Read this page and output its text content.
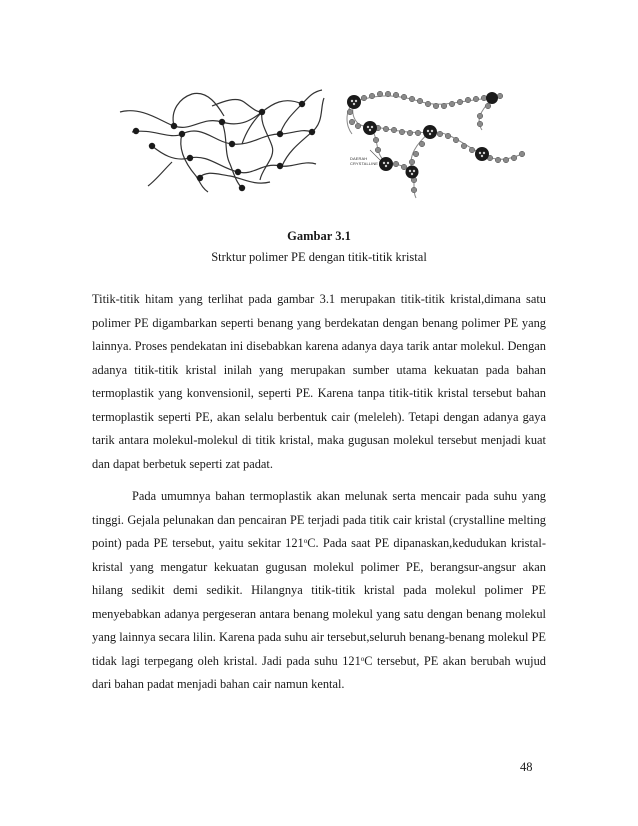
DAERAH
CRYSTALLINE
Gambar 3.1
Strktur polimer PE dengan titik-titik kristal
Titik-titik hitam yang terlihat pada gambar 3.1 merupakan titik-titik kristal,dimana satu polimer PE digambarkan seperti benang yang berdekatan dengan benang polimer PE yang lainnya. Proses pendekatan ini disebabkan karena adanya daya tarik antar molekul. Dengan adanya titik-titik kristal inilah yang merupakan sumber utama kekuatan pada bahan termoplastik yang konvensionil, seperti PE. Karena tanpa titik-titik kristal tersebut bahan termoplastik seperti PE, akan selalu berbentuk cair (meleleh). Tetapi dengan adanya gaya tarik antara molekul-molekul di titik kristal, maka gugusan molekul tersebut menjadi kuat dan dapat berbetuk seperti zat padat.
Pada umumnya bahan termoplastik akan melunak serta mencair pada suhu yang tinggi. Gejala pelunakan dan pencairan PE terjadi pada titik cair kristal (crystalline melting point) pada PE tersebut, yaitu sekitar 121$^o$C. Pada saat PE dipanaskan,kedudukan kristal-kristal yang mengatur kekuatan gugusan molekul polimer PE, berangsur-angsur akan hilang sedikit demi sedikit. Hilangnya titik-titik kristal pada molekul polimer PE menyebabkan adanya pergeseran antara benang molekul yang satu dengan benang molekul yang lainnya secara lilin. Karena pada suhu air tersebut,seluruh benang-benang molekul PE tidak lagi terpegang oleh kristal. Jadi pada suhu 121$^o$C tersebut, PE akan berubah wujud dari bahan padat menjadi bahan cair namun kental.
48
